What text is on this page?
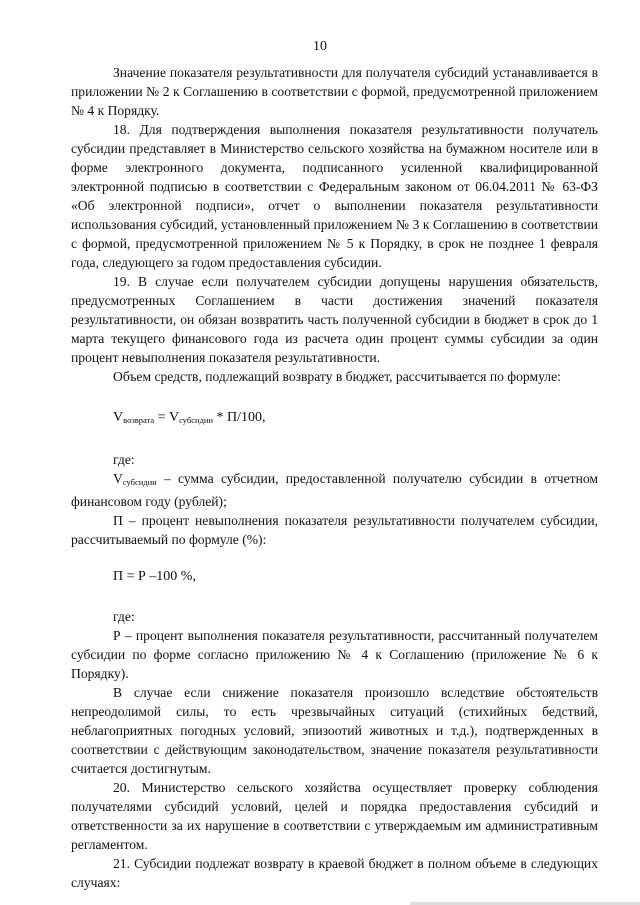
10

Значение показателя результативности для получателя субсидий устанавливается в приложении № 2 к Соглашению в соответствии с формой, предусмотренной приложением № 4 к Порядку.

18. Для подтверждения выполнения показателя результативности получатель субсидии представляет в Министерство сельского хозяйства на бумажном носителе или в форме электронного документа, подписанного усиленной квалифицированной электронной подписью в соответствии с Федеральным законом от 06.04.2011 № 63-ФЗ «Об электронной подписи», отчет о выполнении показателя результативности использования субсидий, установленный приложением № 3 к Соглашению в соответствии с формой, предусмотренной приложением № 5 к Порядку, в срок не позднее 1 февраля года, следующего за годом предоставления субсидии.

19. В случае если получателем субсидии допущены нарушения обязательств, предусмотренных Соглашением в части достижения значений показателя результативности, он обязан возвратить часть полученной субсидии в бюджет в срок до 1 марта текущего финансового года из расчета один процент суммы субсидии за один процент невыполнения показателя результативности.

Объем средств, подлежащий возврату в бюджет, рассчитывается по формуле:

$V_{возврата} = V_{субсидии} * П/100$,

где:

Vсубсидии – сумма субсидии, предоставленной получателю субсидии в отчетном финансовом году (рублей);

П – процент невыполнения показателя результативности получателем субсидии, рассчитываемый по формуле (%):

П = Р –100 %,

где:

Р – процент выполнения показателя результативности, рассчитанный получателем субсидии по форме согласно приложению № 4 к Соглашению (приложение № 6 к Порядку).

В случае если снижение показателя произошло вследствие обстоятельств непреодолимой силы, то есть чрезвычайных ситуаций (стихийных бедствий, неблагоприятных погодных условий, эпизоотий животных и т.д.), подтвержденных в соответствии с действующим законодательством, значение показателя результативности считается достигнутым.

20. Министерство сельского хозяйства осуществляет проверку соблюдения получателями субсидий условий, целей и порядка предоставления субсидий и ответственности за их нарушение в соответствии с утверждаемым им административным регламентом.

21. Субсидии подлежат возврату в краевой бюджет в полном объеме в следующих случаях:
